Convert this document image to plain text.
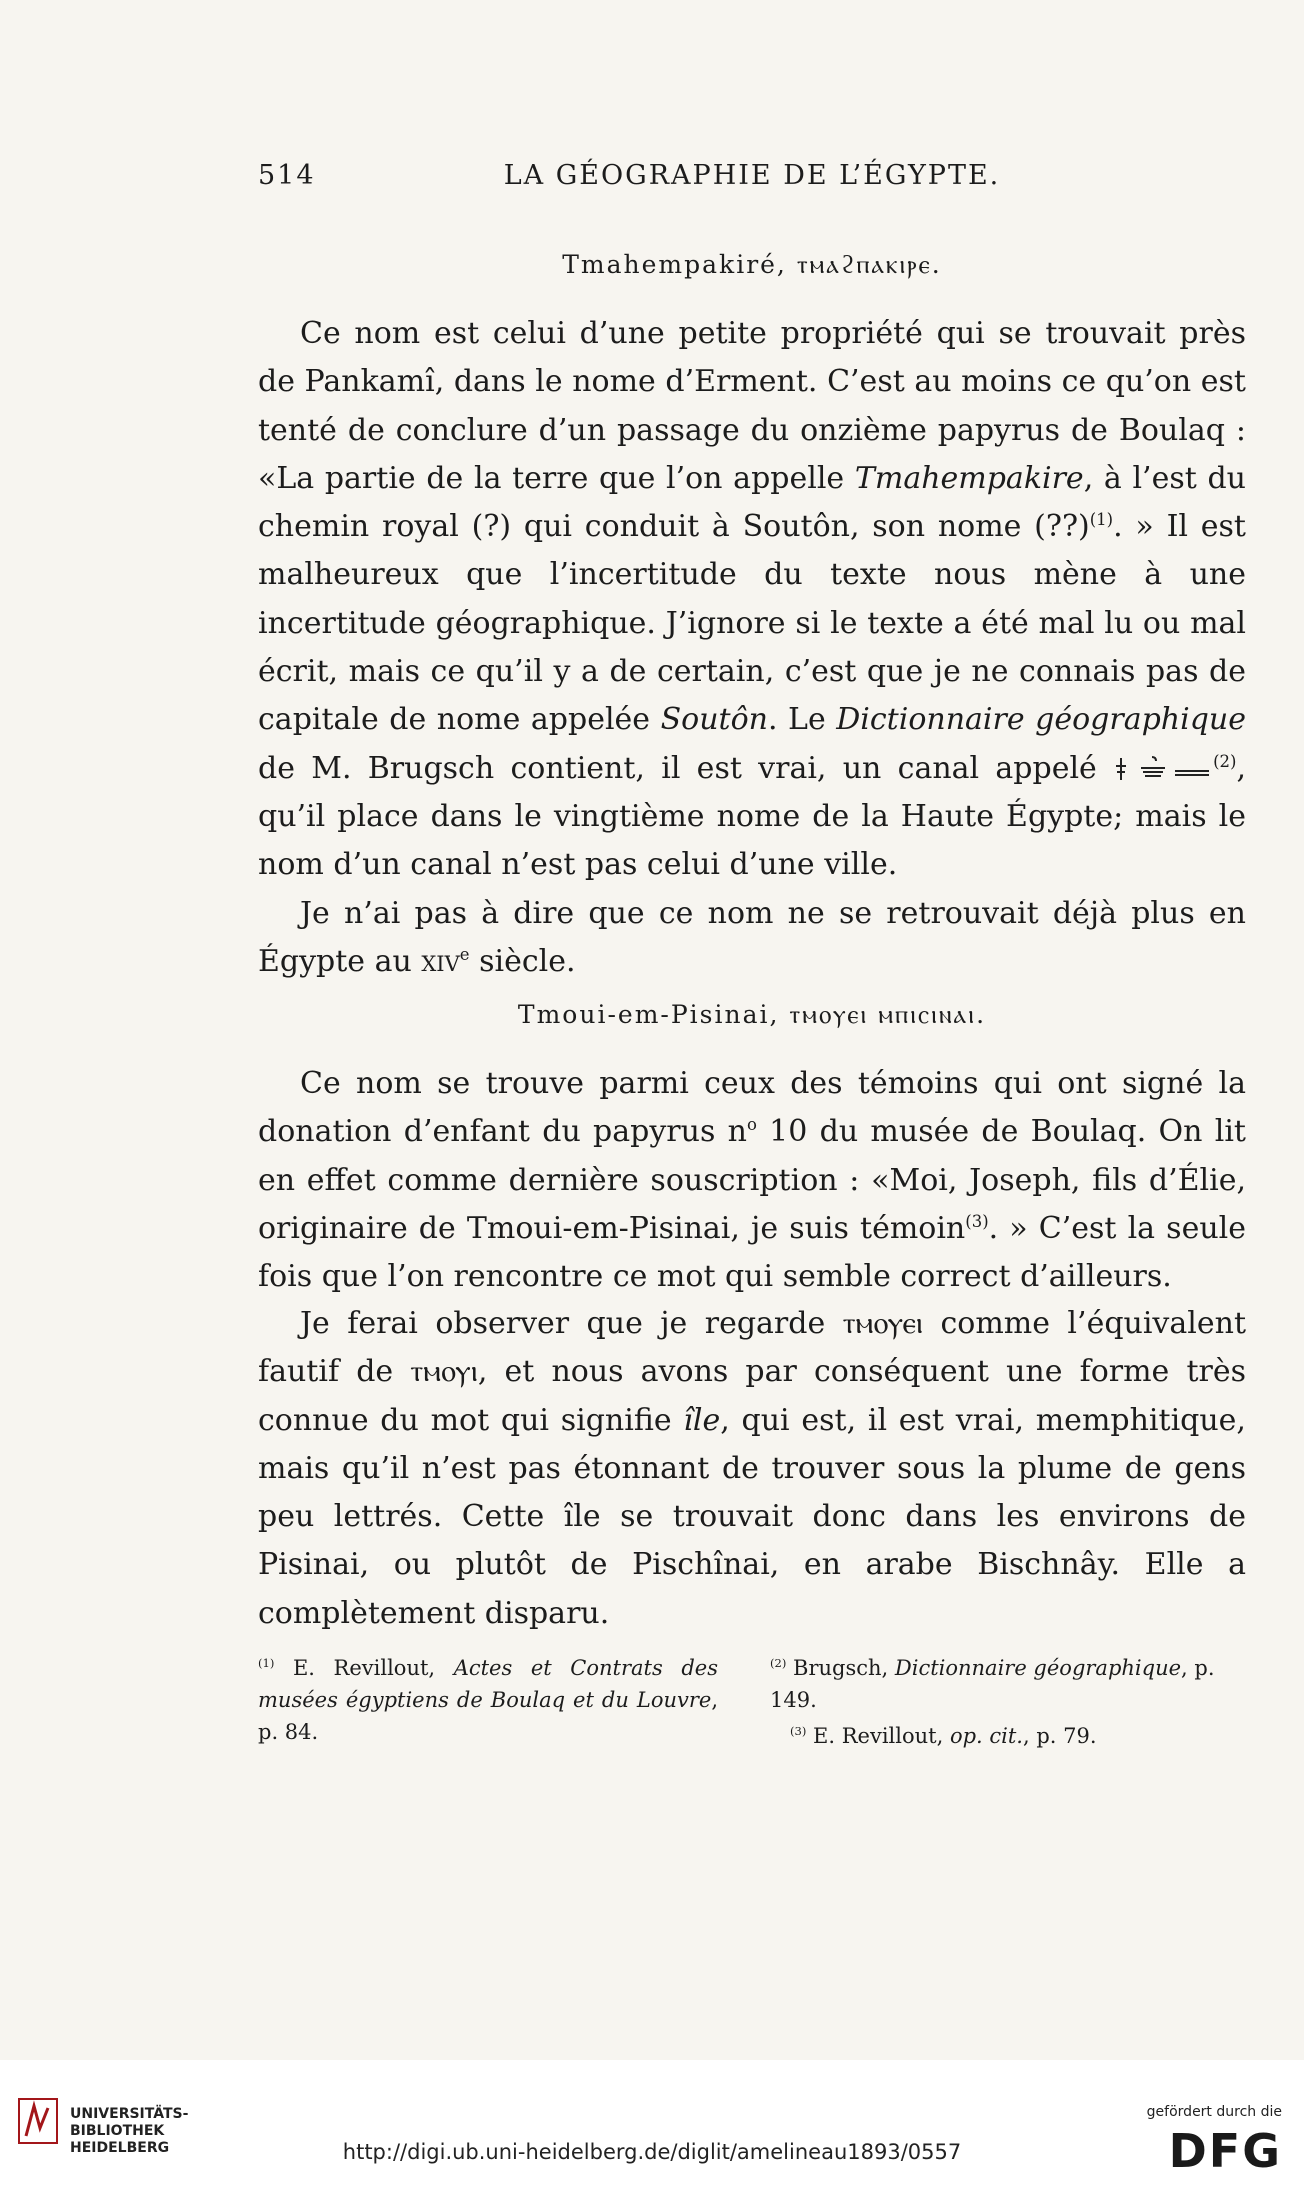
514	LA GÉOGRAPHIE DE L’ÉGYPTE.
Tmahempakiré, ⲧⲙⲁϩⲡⲁⲕⲓⲣⲉ.

Ce nom est celui d’une petite propriété qui se trouvait près de Pankamî, dans le nome d’Erment. C’est au moins ce qu’on est tenté de conclure d’un passage du onzième papyrus de Boulaq : «La partie de la terre que l’on appelle Tmahempakire, à l’est du chemin royal (?) qui conduit à Soutôn, son nome (??)$^{(1)}$. » Il est malheureux que l’incertitude du texte nous mène à une incertitude géographique. J’ignore si le texte a été mal lu ou mal écrit, mais ce qu’il y a de certain, c’est que je ne connais pas de capitale de nome appelée Soutôn. Le Dictionnaire géographique de M. Brugsch contient, il est vrai, un canal appelé	$^{(2)}$, qu’il place dans le vingtième nome de la Haute Égypte; mais le nom d’un canal n’est pas celui d’une ville.

Je n’ai pas à dire que ce nom ne se retrouvait déjà plus en Égypte au xiv$^e$ siècle.

Tmoui-em-Pisinai, ⲧⲙⲟⲩⲉⲓ ⲙⲡⲓⲥⲓⲛⲁⲓ.

Ce nom se trouve parmi ceux des témoins qui ont signé la donation d’enfant du papyrus $n^o$ 10 du musée de Boulaq. On lit en effet comme dernière souscription : «Moi, Joseph, fils d’Élie, originaire de Tmoui-em-Pisinai, je suis témoin$^{(3)}$. » C’est la seule fois que l’on rencontre ce mot qui semble correct d’ailleurs.

Je ferai observer que je regarde ⲧⲙⲟⲩⲉⲓ comme l’équivalent fautif de ⲧⲙⲟⲩⲓ, et nous avons par conséquent une forme très connue du mot qui signifie île, qui est, il est vrai, memphitique, mais qu’il n’est pas étonnant de trouver sous la plume de gens peu lettrés. Cette île se trouvait donc dans les environs de Pisinai, ou plutôt de Pischînai, en arabe Bischnây. Elle a complètement disparu.

$^{(1)}$ E. Revillout, Actes et Contrats des musées égyptiens de Boulaq et du Louvre, p. 84.

$^{(2)}$ Brugsch, Dictionnaire géographique, p. 149.

$^{(3)}$ E. Revillout, op. cit., p. 79.

UNIVERSITÄTS-
BIBLIOTHEK
HEIDELBERG	http://digi.ub.uni-heidelberg.de/diglit/amelineau1893/0557
gefördert durch die
DFG
